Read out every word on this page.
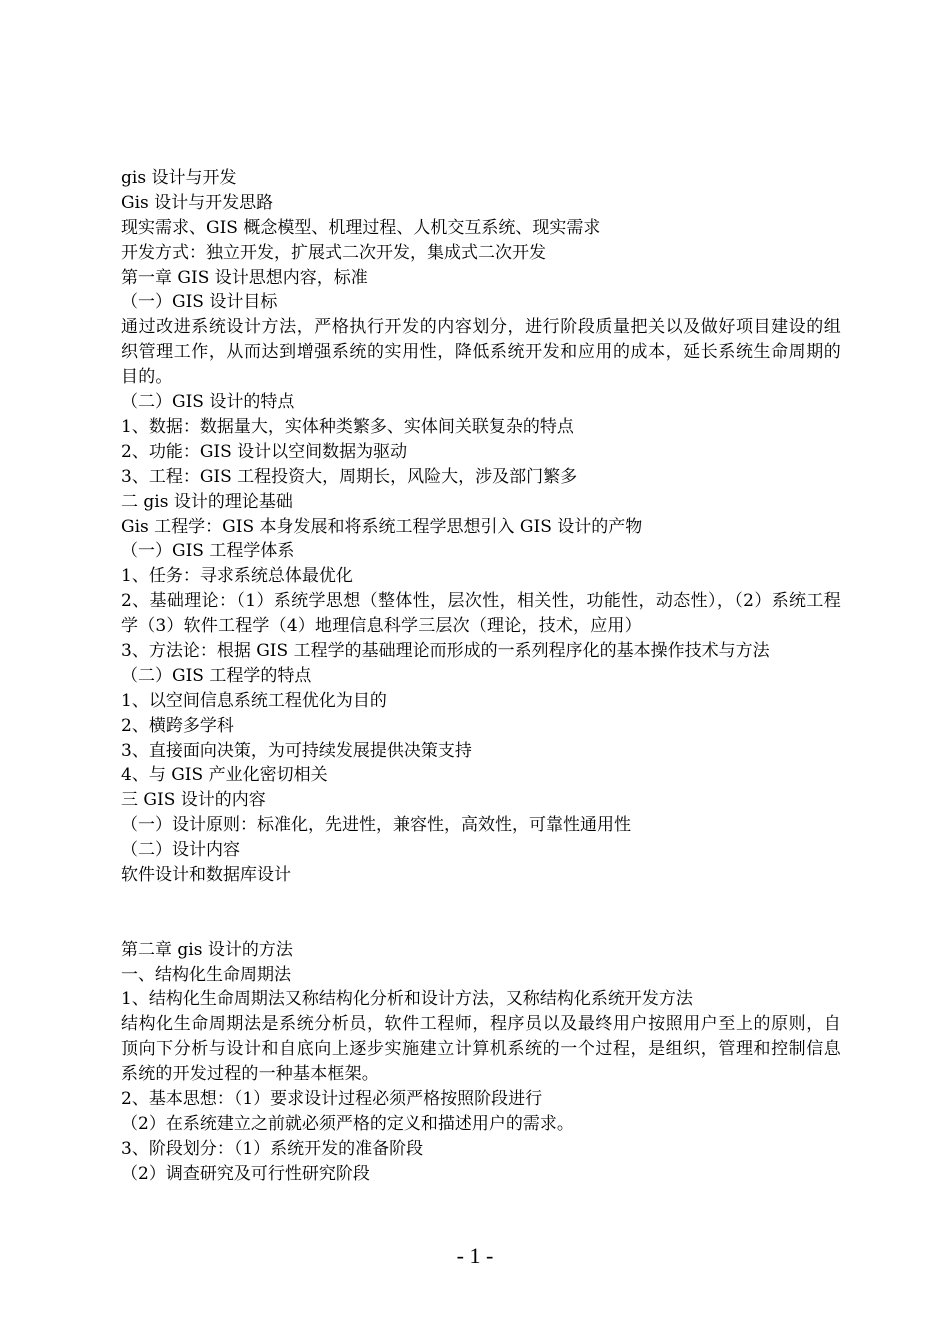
gis 设计与开发
Gis 设计与开发思路
现实需求、GIS 概念模型、机理过程、人机交互系统、现实需求
开发方式：独立开发，扩展式二次开发，集成式二次开发
第一章 GIS 设计思想内容，标准
（一）GIS 设计目标
通过改进系统设计方法，严格执行开发的内容划分，进行阶段质量把关以及做好项目建设的组织管理工作，从而达到增强系统的实用性，降低系统开发和应用的成本，延长系统生命周期的目的。
（二）GIS 设计的特点
1、数据：数据量大，实体种类繁多、实体间关联复杂的特点
2、功能：GIS 设计以空间数据为驱动
3、工程：GIS 工程投资大，周期长，风险大，涉及部门繁多
二 gis 设计的理论基础
Gis 工程学：GIS 本身发展和将系统工程学思想引入 GIS 设计的产物
（一）GIS 工程学体系
1、任务：寻求系统总体最优化
2、基础理论：（1）系统学思想（整体性，层次性，相关性，功能性，动态性），（2）系统工程学（3）软件工程学（4）地理信息科学三层次（理论，技术，应用）
3、方法论：根据 GIS 工程学的基础理论而形成的一系列程序化的基本操作技术与方法
（二）GIS 工程学的特点
1、以空间信息系统工程优化为目的
2、横跨多学科
3、直接面向决策，为可持续发展提供决策支持
4、与 GIS 产业化密切相关
三 GIS 设计的内容
（一）设计原则：标准化，先进性，兼容性，高效性，可靠性通用性
（二）设计内容
软件设计和数据库设计
第二章 gis 设计的方法
一、结构化生命周期法
1、结构化生命周期法又称结构化分析和设计方法，又称结构化系统开发方法
结构化生命周期法是系统分析员，软件工程师，程序员以及最终用户按照用户至上的原则，自顶向下分析与设计和自底向上逐步实施建立计算机系统的一个过程，是组织，管理和控制信息系统的开发过程的一种基本框架。
2、基本思想：（1）要求设计过程必须严格按照阶段进行
（2）在系统建立之前就必须严格的定义和描述用户的需求。
3、阶段划分：（1）系统开发的准备阶段
（2）调查研究及可行性研究阶段
- 1 -
